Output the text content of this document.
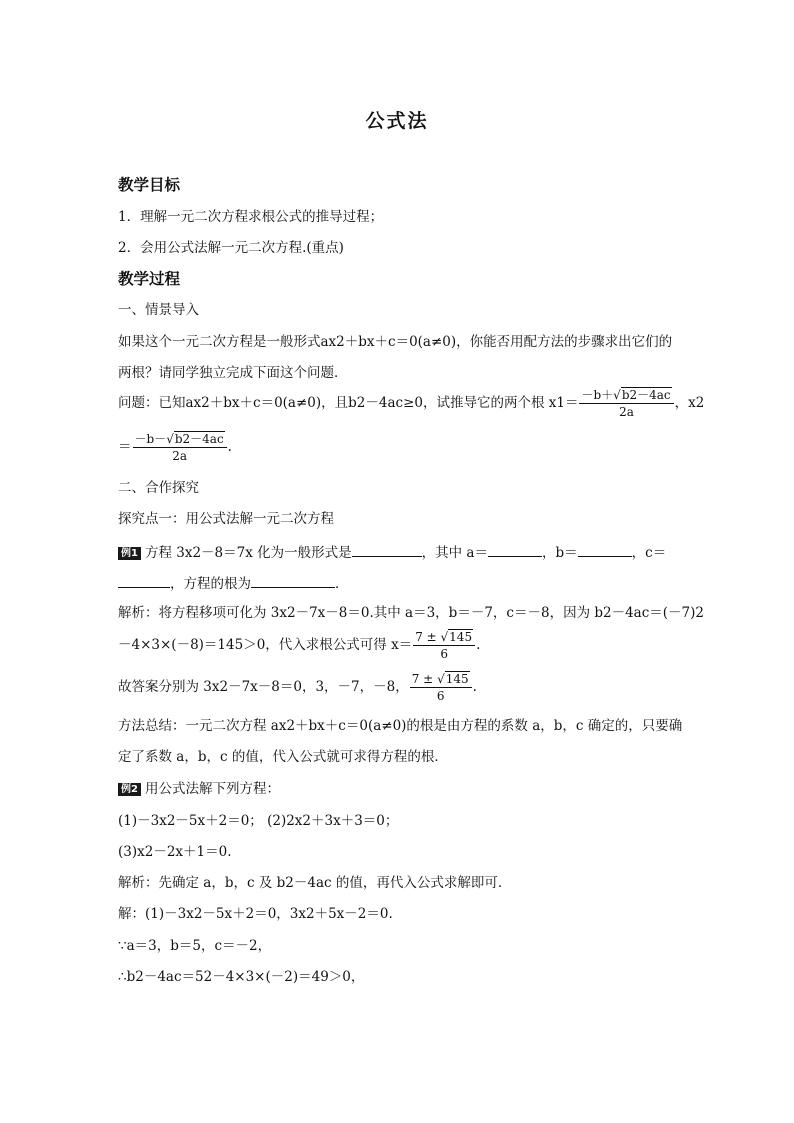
公式法
教学目标
1．理解一元二次方程求根公式的推导过程；
2．会用公式法解一元二次方程.(重点)
教学过程
一、情景导入
如果这个一元二次方程是一般形式ax2＋bx＋c＝0(a≠0)，你能否用配方法的步骤求出它们的
两根？请同学独立完成下面这个问题．
问题：已知ax2＋bx＋c＝0(a≠0)，且b2－4ac≥0，试推导它的两个根 $x1= \frac{-b+√b2-4ac}{2a}$ ，x2
＝ $\frac{-b-√b2-4ac}{2a}$ .
二、合作探究
探究点一：用公式法解一元二次方程
例1 方程 3x2－8＝7x 化为一般形式是	，其中 a＝	，b＝	，c＝
，方程的根为	．
解析：将方程移项可化为 3x2－7x－8＝0.其中 a＝3，b＝－7，c＝－8，因为 b2－4ac＝(－7)2
－4×3×(－8)＝145＞0，代入求根公式可得 $x= \frac{7 \pm √145}{6}$ .
故答案分别为 3x2－7x－8＝0，3，－7，－8， $\frac{7 \pm √145}{6}$ .
方法总结：一元二次方程 ax2＋bx＋c＝0(a≠0)的根是由方程的系数 a，b，c 确定的，只要确
定了系数 a，b，c 的值，代入公式就可求得方程的根．
例2 用公式法解下列方程：
(1)－3x2－5x＋2＝0； (2)2x2＋3x＋3＝0；
(3)x2－2x＋1＝0.
解析：先确定 a，b，c 及 b2－4ac 的值，再代入公式求解即可．
解：(1)－3x2－5x＋2＝0，3x2＋5x－2＝0.
∵a＝3，b＝5，c＝－2，
∴b2－4ac＝52－4×3×(－2)＝49＞0，
